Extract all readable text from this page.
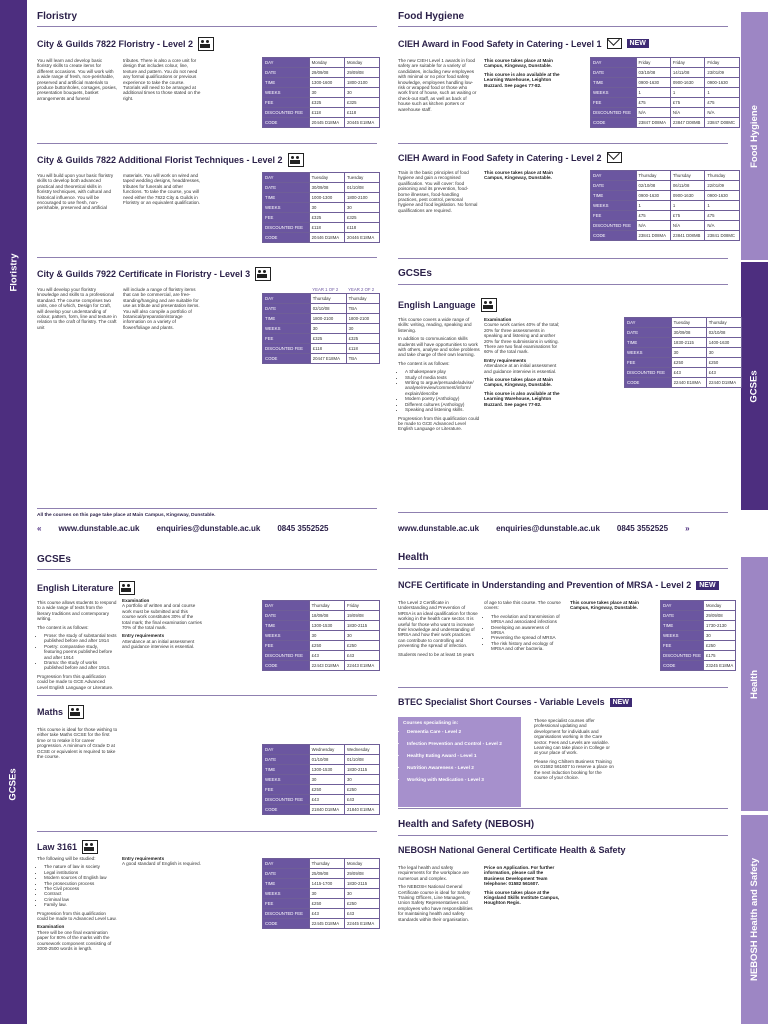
Floristry
Floristry
City & Guilds 7822 Floristry - Level 2

You will learn and develop basic floristry skills to create items for different occasions. You will work with a wide range of fresh, non-perishable, preserved and artificial materials to produce buttonholes, corsages, posies, presentation bouquets, basket arrangements and funeral

tributes. There is also a core unit for design that includes colour, line, texture and pattern. You do not need any formal qualifications or previous experience to take the course. Tutorials will need to be arranged at additional times to those stated on the right.

DAY	Monday	Monday
DATE	29/09/08	29/09/08
TIME	1300-1600	1800-2100
WEEKS	30	30
FEE	£325	£325
DISCOUNTED FEE	£118	£118
CODE	20445 D18MA	20445 E18MA
City & Guilds 7822 Additional Florist Techniques - Level 2

You will build upon your basic floristry skills to develop both advanced practical and theoretical skills in floristry techniques, with cultural and historical influence. You will be encouraged to use fresh, non-perishable, preserved and artificial

materials. You will work on wired and taped wedding designs, headdresses, tributes for funerals and other functions. To take the course, you will need either the 7822 City & Guilds in Floristry or an equivalent qualification.

DAY	Tuesday	Tuesday
DATE	30/09/08	01/10/08
TIME	1000-1300	1800-2100
WEEKS	30	30
FEE	£325	£325
DISCOUNTED FEE	£118	£118
CODE	20446 D18MA	20446 E18MA
City & Guilds 7922 Certificate in Floristry - Level 3

You will develop your floristry knowledge and skills to a professional standard. The course comprises two units, one of which, Design for Craft, will develop your understanding of colour, pattern, form, line and texture in relation to the craft of floristry. The craft unit

will include a range of floristry items that can be commercial, are free-standing/hanging and are suitable for use as tribute and presentation items. You will also compile a portfolio of botanical/preparation/storage information on a variety of flower/foliage and plants.

	YEAR 1 OF 2	YEAR 2 OF 2
DAY	Thursday	Thursday
DATE	02/10/08	TBA
TIME	1800-2100	1800-2100
WEEKS	30	30
FEE	£325	£325
DISCOUNTED FEE	£118	£118
CODE	20447 E18MA	TBA
All the courses on this page take place at Main Campus, Kingsway, Dunstable.
« www.dunstable.ac.uk enquiries@dunstable.ac.uk 0845 3552525
Food Hygiene
GCSEs
Food Hygiene
CIEH Award in Food Safety in Catering - Level 1	NEW

The new CIEH Level 1 awards in food safety are suitable for a variety of candidates, including new employees with minimal or no prior food safety knowledge, employees handling low-risk or wrapped food or those who work front of house, such as waiting or check-out staff, as well as back of house such as kitchen porters or warehouse staff.

This course takes place at Main Campus, Kingsway, Dunstable.

This course is also available at the Learning Warehouse, Leighton Buzzard. See pages 77-82.

DAY	Friday	Friday	Friday
DATE	03/10/08	14/11/08	23/01/09
TIME	0900-1630	0900-1630	0900-1630
WEEKS	1	1	1
FEE	£75	£75	£75
DISCOUNTED FEE	N/A	N/A	N/A
CODE	23847 D08MA	23847 D08MB	23847 D08MC
CIEH Award in Food Safety in Catering - Level 2

Train in the basic principles of food hygiene and gain a recognised qualification. You will cover: food poisoning and its prevention, food-borne illnesses, food-handling practices, pest control, personal hygiene and food legislation. No formal qualifications are required.

This course takes place at Main Campus, Kingsway, Dunstable.	DAY	Thursday	Thursday	Thursday
DATE	02/10/08	06/11/08	22/01/09
TIME	0900-1630	0900-1630	0900-1630
WEEKS	1	1	1
FEE	£75	£75	£75
DISCOUNTED FEE	N/A	N/A	N/A
CODE	23841 D08MA	23841 D08MB	23841 D08MC
GCSEs
English Language

This course covers a wide range of skills: writing, reading, speaking and listening.

In addition to communication skills students will have opportunities to work with others, analyse and solve problems and take charge of their own learning.

The content is as follows:

• A Shakespeare play
• Study of media texts
• Writing to argue/persuade/advise/ analyse/review/comment/inform/ explain/describe
• Modern poetry (Anthology)
• Different cultures (Anthology)
• Speaking and listening skills.

Progression from this qualification could be made to GCE Advanced Level English Language or Literature.

Examination
Course work carries 40% of the total; 20% for three assessments in speaking and listening and another 20% for three submissions in writing. There are two final examinations for 60% of the total mark.

Entry requirements
Attendance at an initial assessment and guidance interview is essential.

This course takes place at Main Campus, Kingsway, Dunstable.

This course is also available at the Learning Warehouse, Leighton Buzzard. See pages 77-82.

DAY	Tuesday	Thursday
DATE	30/09/08	02/10/08
TIME	1830-2115	1400-1630
WEEKS	30	30
FEE	£250	£250
DISCOUNTED FEE	£43	£43
CODE	22440 E18MA	22440 D18MA
www.dunstable.ac.uk enquiries@dunstable.ac.uk 0845 3552525 »
GCSEs
GCSEs
English Literature

This course allows students to respond to a wide range of texts from the literary traditions and contemporary writing.

The content is as follows:

• Prose: the study of substantial texts published before and after 1914
• Poetry: comparative study, featuring poems published before and after 1914
• Drama: the study of works published before and after 1914.

Progression from this qualification could be made to GCE Advanced Level English Language or Literature.

Examination
A portfolio of written and oral course work must be submitted and this course work constitutes 30% of the total mark; the final examination carries 70% of the total mark.

Entry requirements
Attendance at an initial assessment and guidance interview is essential.

DAY	Thursday	Friday
DATE	18/09/08	19/09/08
TIME	1300-1530	1830-2115
WEEKS	30	30
FEE	£250	£250
DISCOUNTED FEE	£43	£43
CODE	22443 D18MA	22443 E18MA
Maths

This course is ideal for those wishing to either take Maths GCSE for the first time or to retake it for career progression. A minimum of Grade D at GCSE or equivalent is required to take the course.

DAY	Wednesday	Wednesday
DATE	01/10/08	01/10/08
TIME	1300-1530	1830-2115
WEEKS	30	30
FEE	£250	£250
DISCOUNTED FEE	£43	£43
CODE	21840 D18MA	21840 E18MA
Law 3161

The following will be studied:

• The nature of law in society
• Legal institutions
• Modern sources of English law
• The prosecution process
• The Civil process
• Contract
• Criminal law
• Family law.

Progression from this qualification could be made to Advanced Level Law.

Examination
There will be one final examination paper for 80% of the marks with the coursework component consisting of 2000-2500 words in length.

Entry requirements
A good standard of English is required.	DAY	Thursday	Monday
DATE	25/09/08	29/09/08
TIME	1415-1700	1830-2115
WEEKS	30	30
FEE	£250	£250
DISCOUNTED FEE	£43	£43
CODE	22445 D18MA	22445 E18MA
Health
NEBOSH Health and Safety
Health
NCFE Certificate in Understanding and Prevention of MRSA - Level 2	NEW

The Level 2 Certificate in Understanding and Prevention of MRSA is an ideal qualification for those working in the health care sector. It is useful for those who want to increase their knowledge and understanding of MRSA and how their work practices can contribute to controlling and preventing the spread of infection.

Students need to be at least 16 years

of age to take this course. The course covers:

• The evolution and transmission of MRSA and associated infections
• Developing an awareness of MRSA
• Preventing the spread of MRSA
• The risk history and ecology of MRSA and other bacteria.

This course takes place at Main Campus, Kingsway, Dunstable.	DAY	Monday
DATE	29/09/08
TIME	1730-2130
WEEKS	30
FEE	£250
DISCOUNTED FEE	£175
CODE	23245 E18MA
BTEC Specialist Short Courses - Variable Levels	NEW
Courses specialising in:
• Dementia Care - Level 2
• Infection Prevention and Control - Level 2
• Healthy Eating Award - Level 1
• Nutrition Awareness - Level 2
• Working with Medication - Level 3

These specialist courses offer professional updating and development for individuals and organisations working in the Care sector. Fees and Levels are variable. Learning can take place in College or at your place of work.

Please ring Chiltern Business Training on 01582 561607 to reserve a place on the next induction booking for the course of your choice.

Health and Safety (NEBOSH)
NEBOSH National General Certificate Health & Safety

The legal health and safety requirements for the workplace are numerous and complex.

The NEBOSH National General Certificate course is ideal for Safety Training Officers, Line Managers, Union Safety Representatives and employees who have responsibilities for maintaining health and safety standards within their organisation.

Price on Application. For further information, please call the Business Development Team telephone: 01582 561607.

This course takes place at the Kingsland Skills Institute Campus, Houghton Regis.
